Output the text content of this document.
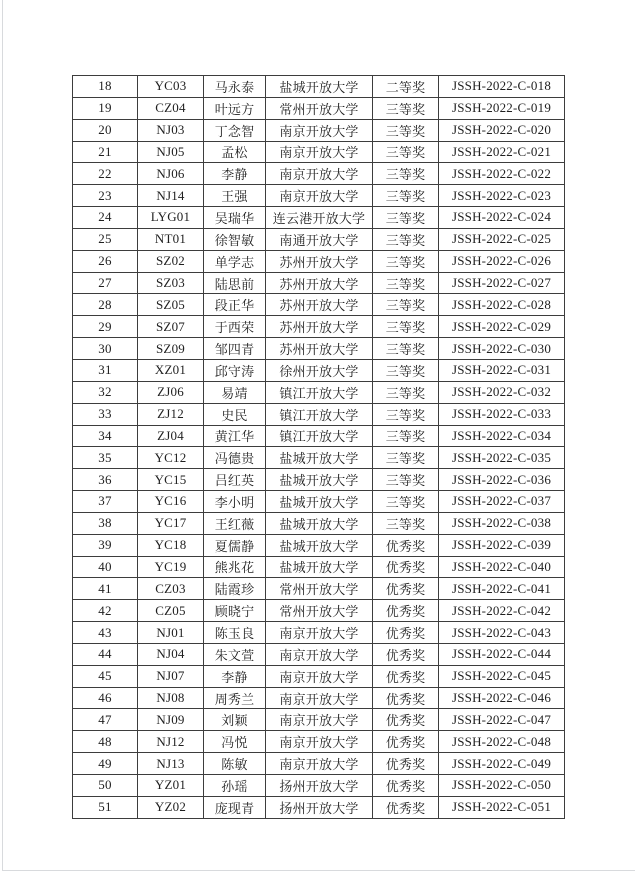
18	YC03	马永泰	盐城开放大学	二等奖	JSSH-2022-C-018
19	CZ04	叶远方	常州开放大学	三等奖	JSSH-2022-C-019
20	NJ03	丁念智	南京开放大学	三等奖	JSSH-2022-C-020
21	NJ05	孟松	南京开放大学	三等奖	JSSH-2022-C-021
22	NJ06	李静	南京开放大学	三等奖	JSSH-2022-C-022
23	NJ14	王强	南京开放大学	三等奖	JSSH-2022-C-023
24	LYG01	吴瑞华	连云港开放大学	三等奖	JSSH-2022-C-024
25	NT01	徐智敏	南通开放大学	三等奖	JSSH-2022-C-025
26	SZ02	单学志	苏州开放大学	三等奖	JSSH-2022-C-026
27	SZ03	陆思前	苏州开放大学	三等奖	JSSH-2022-C-027
28	SZ05	段正华	苏州开放大学	三等奖	JSSH-2022-C-028
29	SZ07	于西荣	苏州开放大学	三等奖	JSSH-2022-C-029
30	SZ09	邹四青	苏州开放大学	三等奖	JSSH-2022-C-030
31	XZ01	邱守涛	徐州开放大学	三等奖	JSSH-2022-C-031
32	ZJ06	易靖	镇江开放大学	三等奖	JSSH-2022-C-032
33	ZJ12	史民	镇江开放大学	三等奖	JSSH-2022-C-033
34	ZJ04	黄江华	镇江开放大学	三等奖	JSSH-2022-C-034
35	YC12	冯德贵	盐城开放大学	三等奖	JSSH-2022-C-035
36	YC15	吕红英	盐城开放大学	三等奖	JSSH-2022-C-036
37	YC16	李小明	盐城开放大学	三等奖	JSSH-2022-C-037
38	YC17	王红薇	盐城开放大学	三等奖	JSSH-2022-C-038
39	YC18	夏儒静	盐城开放大学	优秀奖	JSSH-2022-C-039
40	YC19	熊兆花	盐城开放大学	优秀奖	JSSH-2022-C-040
41	CZ03	陆霞珍	常州开放大学	优秀奖	JSSH-2022-C-041
42	CZ05	顾晓宁	常州开放大学	优秀奖	JSSH-2022-C-042
43	NJ01	陈玉良	南京开放大学	优秀奖	JSSH-2022-C-043
44	NJ04	朱文萱	南京开放大学	优秀奖	JSSH-2022-C-044
45	NJ07	李静	南京开放大学	优秀奖	JSSH-2022-C-045
46	NJ08	周秀兰	南京开放大学	优秀奖	JSSH-2022-C-046
47	NJ09	刘颖	南京开放大学	优秀奖	JSSH-2022-C-047
48	NJ12	冯悦	南京开放大学	优秀奖	JSSH-2022-C-048
49	NJ13	陈敏	南京开放大学	优秀奖	JSSH-2022-C-049
50	YZ01	孙瑶	扬州开放大学	优秀奖	JSSH-2022-C-050
51	YZ02	庞现青	扬州开放大学	优秀奖	JSSH-2022-C-051
